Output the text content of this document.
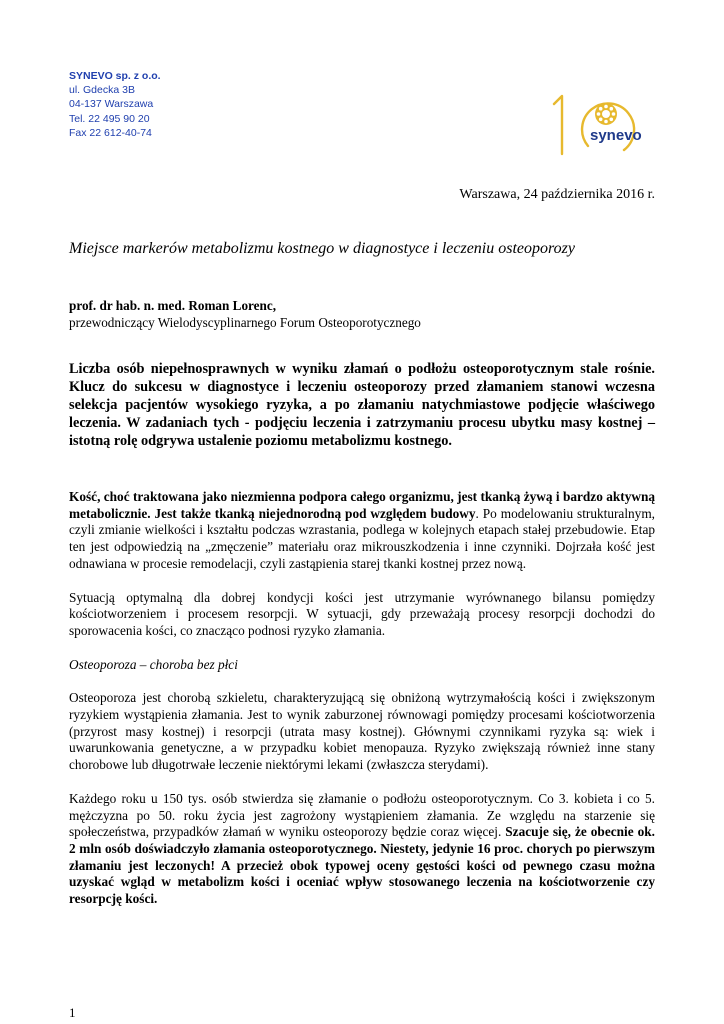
SYNEVO sp. z o.o.
ul. Gdecka 3B
04-137 Warszawa
Tel. 22 495 90 20
Fax 22 612-40-74	synevo
Warszawa, 24 października 2016 r.
Miejsce markerów metabolizmu kostnego w diagnostyce i leczeniu osteoporozy
prof. dr hab. n. med. Roman Lorenc,
przewodniczący Wielodyscyplinarnego Forum Osteoporotycznego
Liczba osób niepełnosprawnych w wyniku złamań o podłożu osteoporotycznym stale rośnie. Klucz do sukcesu w diagnostyce i leczeniu osteoporozy przed złamaniem stanowi wczesna selekcja pacjentów wysokiego ryzyka, a po złamaniu natychmiastowe podjęcie właściwego leczenia. W zadaniach tych - podjęciu leczenia i zatrzymaniu procesu ubytku masy kostnej – istotną rolę odgrywa ustalenie poziomu metabolizmu kostnego.

Kość, choć traktowana jako niezmienna podpora całego organizmu, jest tkanką żywą i bardzo aktywną metabolicznie. Jest także tkanką niejednorodną pod względem budowy. Po modelowaniu strukturalnym, czyli zmianie wielkości i kształtu podczas wzrastania, podlega w kolejnych etapach stałej przebudowie. Etap ten jest odpowiedzią na „zmęczenie” materiału oraz mikrouszkodzenia i inne czynniki. Dojrzała kość jest odnawiana w procesie remodelacji, czyli zastąpienia starej tkanki kostnej przez nową.

Sytuacją optymalną dla dobrej kondycji kości jest utrzymanie wyrównanego bilansu pomiędzy kościotworzeniem i procesem resorpcji. W sytuacji, gdy przeważają procesy resorpcji dochodzi do sporowacenia kości, co znacząco podnosi ryzyko złamania.

Osteoporoza – choroba bez płci

Osteoporoza jest chorobą szkieletu, charakteryzującą się obniżoną wytrzymałością kości i zwiększonym ryzykiem wystąpienia złamania. Jest to wynik zaburzonej równowagi pomiędzy procesami kościotworzenia (przyrost masy kostnej) i resorpcji (utrata masy kostnej). Głównymi czynnikami ryzyka są: wiek i uwarunkowania genetyczne, a w przypadku kobiet menopauza. Ryzyko zwiększają również inne stany chorobowe lub długotrwałe leczenie niektórymi lekami (zwłaszcza sterydami).

Każdego roku u 150 tys. osób stwierdza się złamanie o podłożu osteoporotycznym. Co 3. kobieta i co 5. mężczyzna po 50. roku życia jest zagrożony wystąpieniem złamania. Ze względu na starzenie się społeczeństwa, przypadków złamań w wyniku osteoporozy będzie coraz więcej. Szacuje się, że obecnie ok. 2 mln osób doświadczyło złamania osteoporotycznego. Niestety, jedynie 16 proc. chorych po pierwszym złamaniu jest leczonych! A przecież obok typowej oceny gęstości kości od pewnego czasu można uzyskać wgląd w metabolizm kości i oceniać wpływ stosowanego leczenia na kościotworzenie czy resorpcję kości.

1
